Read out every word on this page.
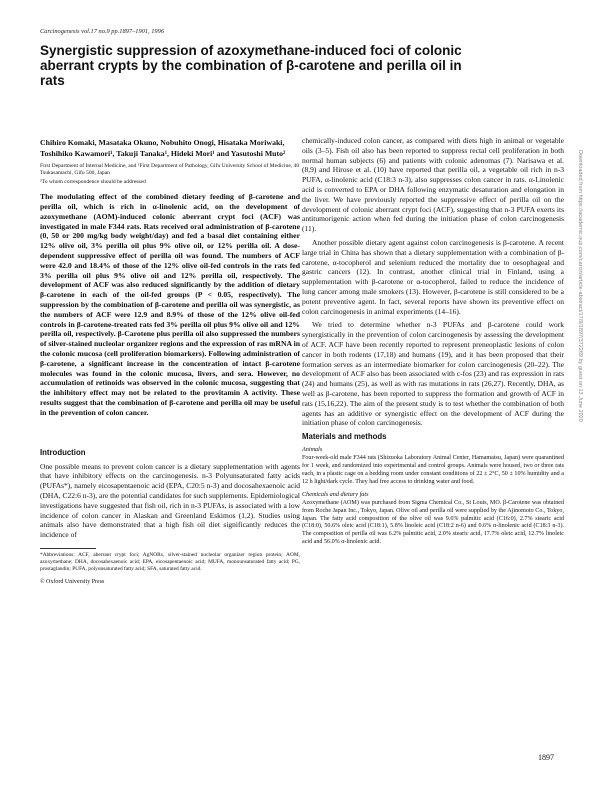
Carcinogenesis vol.17 no.9 pp.1897–1901, 1996
Synergistic suppression of azoxymethane-induced foci of colonic aberrant crypts by the combination of β-carotene and perilla oil in rats

Chihiro Komaki, Masataka Okuno, Nobuhito Onogi, Hisataka Moriwaki, Toshihiko Kawamori¹, Takuji Tanaka¹, Hideki Mori¹ and Yasutoshi Muto²

First Department of Internal Medicine, and ¹First Department of Pathology, Gifu University School of Medicine, 40 Tsukasamachi, Gifu 500, Japan

²To whom correspondence should be addressed

The modulating effect of the combined dietary feeding of β-carotene and perilla oil, which is rich in α-linolenic acid, on the development of azoxymethane (AOM)-induced colonic aberrant crypt foci (ACF) was investigated in male F344 rats. Rats received oral administration of β-carotene (0, 50 or 200 mg/kg body weight/day) and fed a basal diet containing either 12% olive oil, 3% perilla oil plus 9% olive oil, or 12% perilla oil. A dose-dependent suppressive effect of perilla oil was found. The numbers of ACF were 42.0 and 18.4% of those of the 12% olive oil-fed controls in the rats fed 3% perilla oil plus 9% olive oil and 12% perilla oil, respectively. The development of ACF was also reduced significantly by the addition of dietary β-carotene in each of the oil-fed groups (P < 0.05, respectively). The suppression by the combination of β-carotene and perilla oil was synergistic, as the numbers of ACF were 12.9 and 8.9% of those of the 12% olive oil-fed controls in β-carotene-treated rats fed 3% perilla oil plus 9% olive oil and 12% perilla oil, respectively. β-Carotene plus perilla oil also suppressed the numbers of silver-stained nucleolar organizer regions and the expression of ras mRNA in the colonic mucosa (cell proliferation biomarkers). Following administration of β-carotene, a significant increase in the concentration of intact β-carotene molecules was found in the colonic mucosa, livers, and sera. However, no accumulation of retinoids was observed in the colonic mucosa, suggesting that the inhibitory effect may not be related to the provitamin A activity. These results suggest that the combination of β-carotene and perilla oil may be useful in the prevention of colon cancer.

Introduction

One possible means to prevent colon cancer is a dietary supplementation with agents that have inhibitory effects on the carcinogenesis. n-3 Polyunsaturated fatty acids (PUFAs*), namely eicosapentaenoic acid (EPA, C20:5 n-3) and docosahexaenoic acid (DHA, C22:6 n-3), are the potential candidates for such supplements. Epidemiological investigations have suggested that fish oil, rich in n-3 PUFAs, is associated with a low incidence of colon cancer in Alaskan and Greenland Eskimos (1,2). Studies using animals also have demonstrated that a high fish oil diet significantly reduces the incidence of

*Abbreviations: ACF, aberrant crypt foci; AgNORs, silver-stained nucleolar organizer region protein; AOM, azoxymethane; DHA, docosahexaenoic acid; EPA, eicosapentaenoic acid; MUFA, monounsaturated fatty acid; PG, prostaglandin; PUFA, polyunsaturated fatty acid; SFA, saturated fatty acid.

© Oxford University Press

chemically-induced colon cancer, as compared with diets high in animal or vegetable oils (3–5). Fish oil also has been reported to suppress rectal cell proliferation in both normal human subjects (6) and patients with colonic adenomas (7). Narisawa et al. (8,9) and Hirose et al. (10) have reported that perilla oil, a vegetable oil rich in n-3 PUFA, α-linolenic acid (C18:3 n-3), also suppresses colon cancer in rats. α-Linolenic acid is converted to EPA or DHA following enzymatic desaturation and elongation in the liver. We have previously reported the suppressive effect of perilla oil on the development of colonic aberrant crypt foci (ACF), suggesting that n-3 PUFA exerts its antitumorigenic action when fed during the initiation phase of colon carcinogenesis (11).

Another possible dietary agent against colon carcinogenesis is β-carotene. A recent large trial in China has shown that a dietary supplementation with a combination of β-carotene, α-tocopherol and selenium reduced the mortality due to oesophageal and gastric cancers (12). In contrast, another clinical trial in Finland, using a supplementation with β-carotene or α-tocopherol, failed to reduce the incidence of lung cancer among male smokers (13). However, β-carotene is still considered to be a potent preventive agent. In fact, several reports have shown its preventive effect on colon carcinogenesis in animal experiments (14–16).

We tried to determine whether n-3 PUFAs and β-carotene could work synergistically in the prevention of colon carcinogenesis by assessing the development of ACF. ACF have been recently reported to represent preneoplastic lesions of colon cancer in both rodents (17,18) and humans (19), and it has been proposed that their formation serves as an intermediate biomarker for colon carcinogenesis (20–22). The development of ACF also has been associated with c-fos (23) and ras expression in rats (24) and humans (25), as well as with ras mutations in rats (26,27). Recently, DHA, as well as β-carotene, has been reported to suppress the formation and growth of ACF in rats (15,16,22). The aim of the present study is to test whether the combination of both agents has an additive or synergistic effect on the development of ACF during the initiation phase of colon carcinogenesis.

Materials and methods

Animals

Four-week-old male F344 rats (Shizuoka Laboratory Animal Center, Hamamatsu, Japan) were quarantined for 1 week, and randomized into experimental and control groups. Animals were housed, two or three rats each, in a plastic cage on a bedding room under constant conditions of 22 ± 2°C, 50 ± 10% humidity and a 12 h light/dark cycle. They had free access to drinking water and food.

Chemicals and dietary fats

Azoxymethane (AOM) was purchased from Sigma Chemical Co., St Louis, MO. β-Carotene was obtained from Roche Japan Inc., Tokyo, Japan. Olive oil and perilla oil were supplied by the Ajinomoto Co., Tokyo, Japan. The fatty acid composition of the olive oil was 9.6% palmitic acid (C16:0), 2.7% stearic acid (C18:0), 50.6% oleic acid (C18:1), 5.8% linoleic acid (C18:2 n-6) and 0.6% α-linolenic acid (C18:3 n-3). The composition of perilla oil was 6.2% palmitic acid, 2.0% stearic acid, 17.7% oleic acid, 12.7% linoleic acid and 56.0% α-linolenic acid.

1897
Downloaded from https://academic.oup.com/carcin/article-abstract/17/9/1897/372269 by guest on 13 June 2020
